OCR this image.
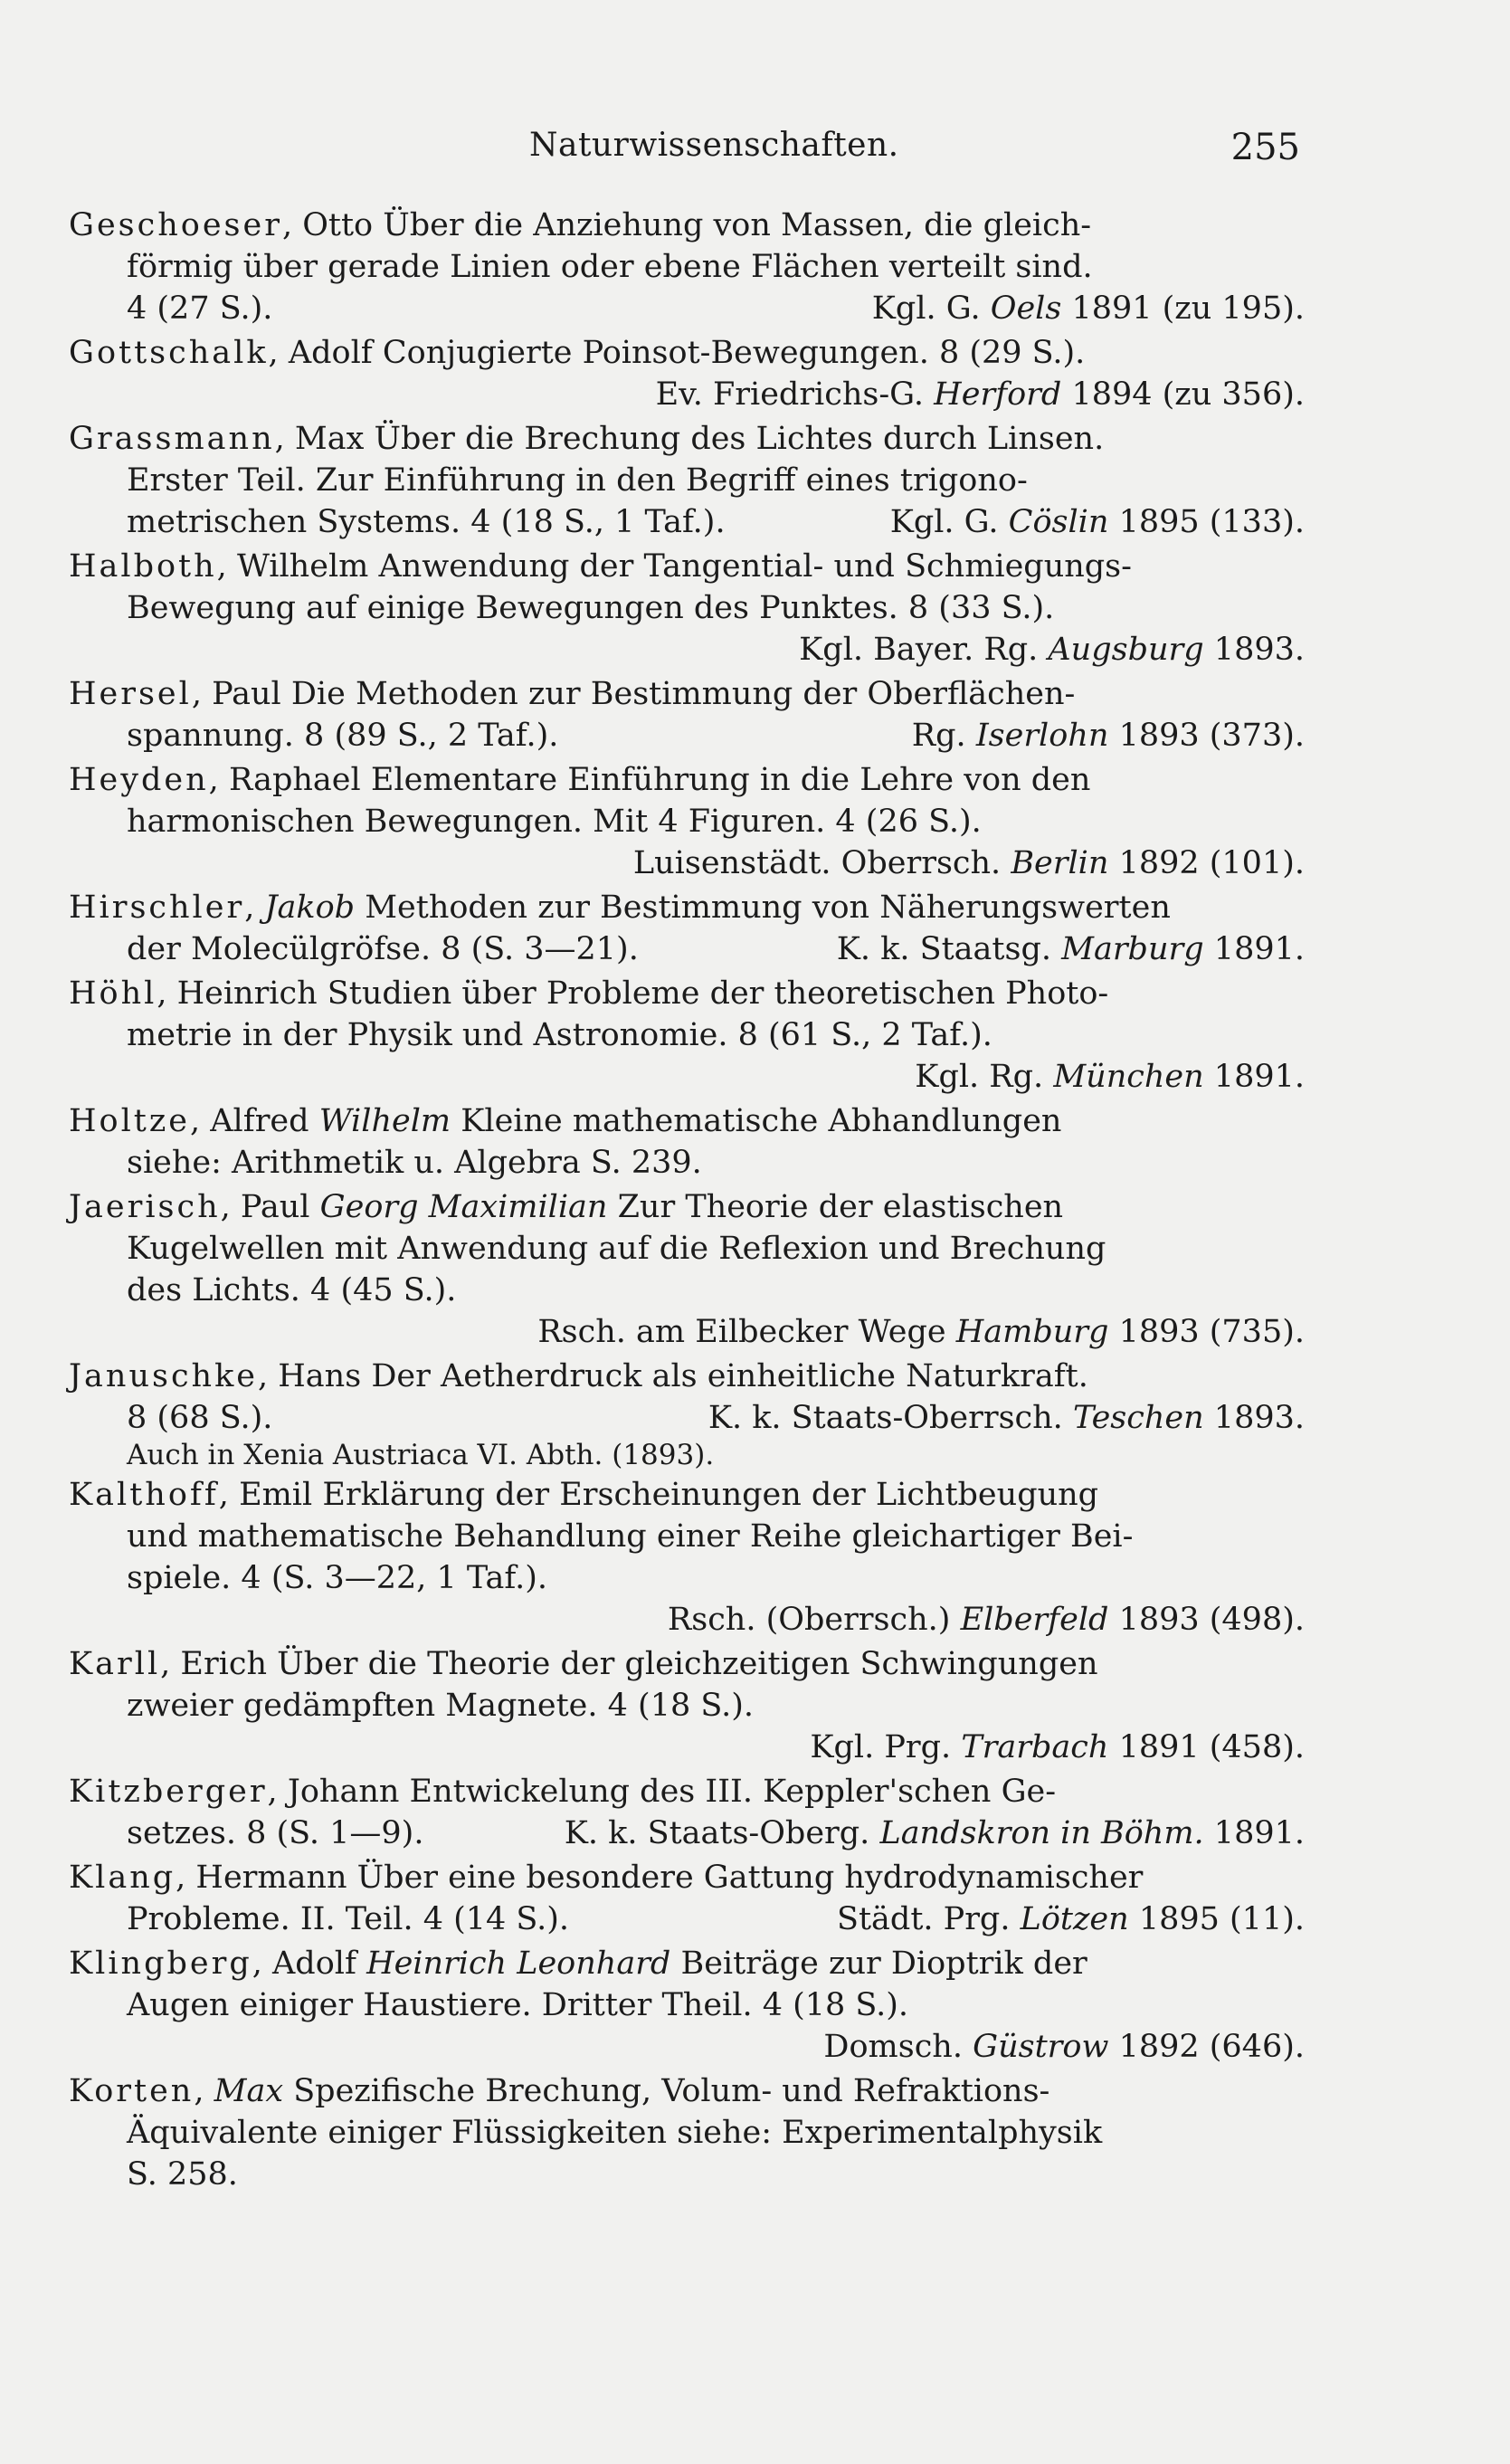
Naturwissenschaften.	255
Geschoeser, Otto Über die Anziehung von Massen, die gleich-
förmig über gerade Linien oder ebene Flächen verteilt sind.
4 (27 S.).	Kgl. G. Oels 1891 (zu 195).
Gottschalk, Adolf Conjugierte Poinsot-Bewegungen. 8 (29 S.).
Ev. Friedrichs-G. Herford 1894 (zu 356).
Grassmann, Max Über die Brechung des Lichtes durch Linsen.
Erster Teil. Zur Einführung in den Begriff eines trigono-
metrischen Systems. 4 (18 S., 1 Taf.).	Kgl. G. Cöslin 1895 (133).
Halboth, Wilhelm Anwendung der Tangential- und Schmiegungs-
Bewegung auf einige Bewegungen des Punktes. 8 (33 S.).
Kgl. Bayer. Rg. Augsburg 1893.
Hersel, Paul Die Methoden zur Bestimmung der Oberflächen-
spannung. 8 (89 S., 2 Taf.).	Rg. Iserlohn 1893 (373).
Heyden, Raphael Elementare Einführung in die Lehre von den
harmonischen Bewegungen. Mit 4 Figuren. 4 (26 S.).
Luisenstädt. Oberrsch. Berlin 1892 (101).
Hirschler, Jakob Methoden zur Bestimmung von Näherungswerten
der Molecülgröfse. 8 (S. 3—21).	K. k. Staatsg. Marburg 1891.
Höhl, Heinrich Studien über Probleme der theoretischen Photo-
metrie in der Physik und Astronomie. 8 (61 S., 2 Taf.).
Kgl. Rg. München 1891.
Holtze, Alfred Wilhelm Kleine mathematische Abhandlungen
siehe: Arithmetik u. Algebra S. 239.
Jaerisch, Paul Georg Maximilian Zur Theorie der elastischen
Kugelwellen mit Anwendung auf die Reflexion und Brechung
des Lichts. 4 (45 S.).
Rsch. am Eilbecker Wege Hamburg 1893 (735).
Januschke, Hans Der Aetherdruck als einheitliche Naturkraft.
8 (68 S.).	K. k. Staats-Oberrsch. Teschen 1893.
Auch in Xenia Austriaca VI. Abth. (1893).
Kalthoff, Emil Erklärung der Erscheinungen der Lichtbeugung
und mathematische Behandlung einer Reihe gleichartiger Bei-
spiele. 4 (S. 3—22, 1 Taf.).
Rsch. (Oberrsch.) Elberfeld 1893 (498).
Karll, Erich Über die Theorie der gleichzeitigen Schwingungen
zweier gedämpften Magnete. 4 (18 S.).
Kgl. Prg. Trarbach 1891 (458).
Kitzberger, Johann Entwickelung des III. Keppler'schen Ge-
setzes. 8 (S. 1—9).	K. k. Staats-Oberg. Landskron in Böhm. 1891.
Klang, Hermann Über eine besondere Gattung hydrodynamischer
Probleme. II. Teil. 4 (14 S.).	Städt. Prg. Lötzen 1895 (11).
Klingberg, Adolf Heinrich Leonhard Beiträge zur Dioptrik der
Augen einiger Haustiere. Dritter Theil. 4 (18 S.).
Domsch. Güstrow 1892 (646).
Korten, Max Spezifische Brechung, Volum- und Refraktions-
Äquivalente einiger Flüssigkeiten siehe: Experimentalphysik
S. 258.
